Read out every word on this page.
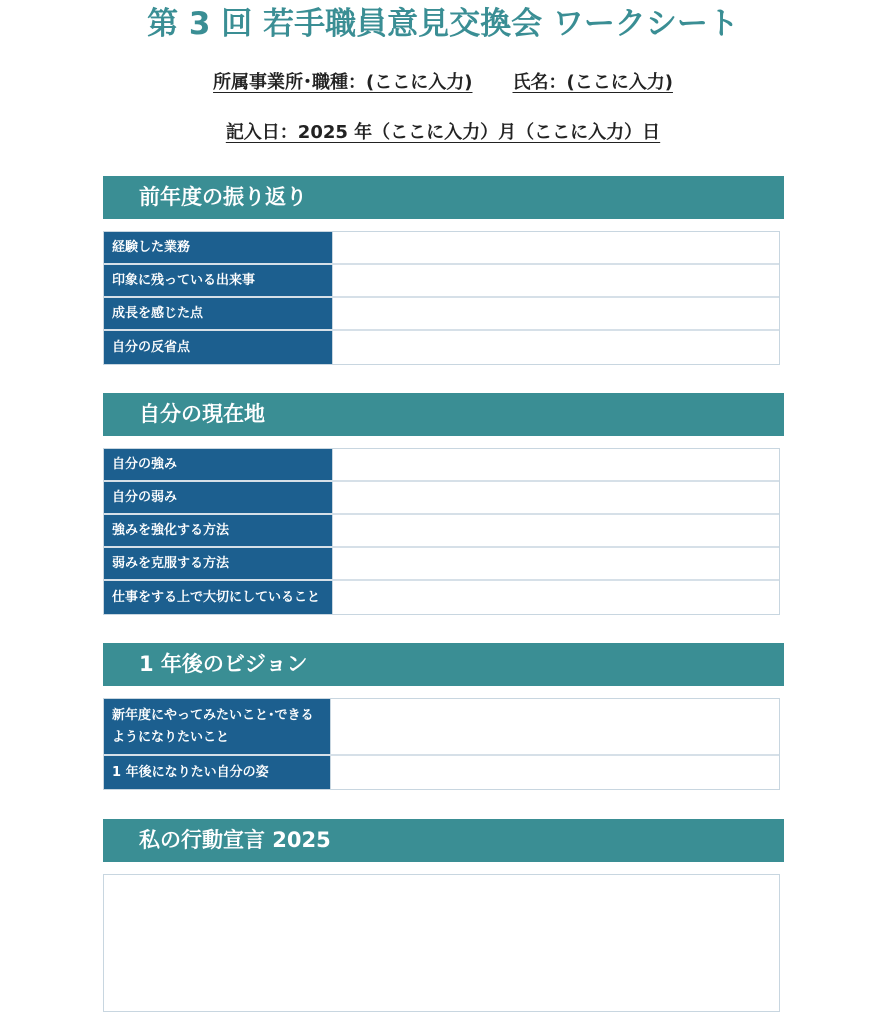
第 3 回 若手職員意見交換会 ワークシート
所属事業所･職種：(ここに入力) 氏名：(ここに入力)
記入日：2025 年（ここに入力）月（ここに入力）日
前年度の振り返り
経験した業務
印象に残っている出来事
成長を感じた点
自分の反省点
自分の現在地
自分の強み
自分の弱み
強みを強化する方法
弱みを克服する方法
仕事をする上で大切にしていること
1 年後のビジョン
新年度にやってみたいこと･できるようになりたいこと
1 年後になりたい自分の姿
私の行動宣言 2025
